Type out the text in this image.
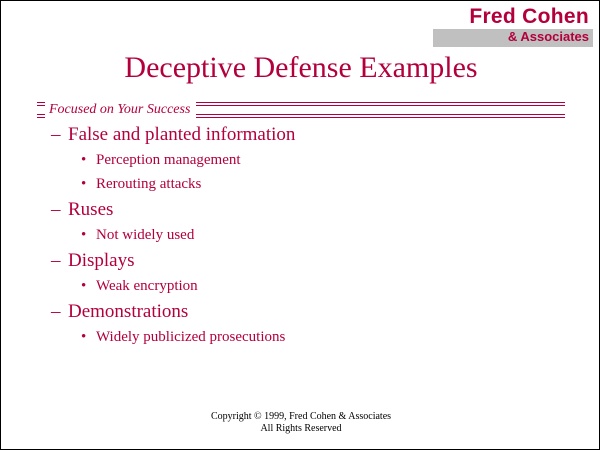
Fred Cohen
& Associates
Deceptive Defense Examples
Focused on Your Success
– False and planted information
• Perception management
• Rerouting attacks
– Ruses
• Not widely used
– Displays
• Weak encryption
– Demonstrations
• Widely publicized prosecutions
Copyright © 1999, Fred Cohen & Associates
All Rights Reserved
